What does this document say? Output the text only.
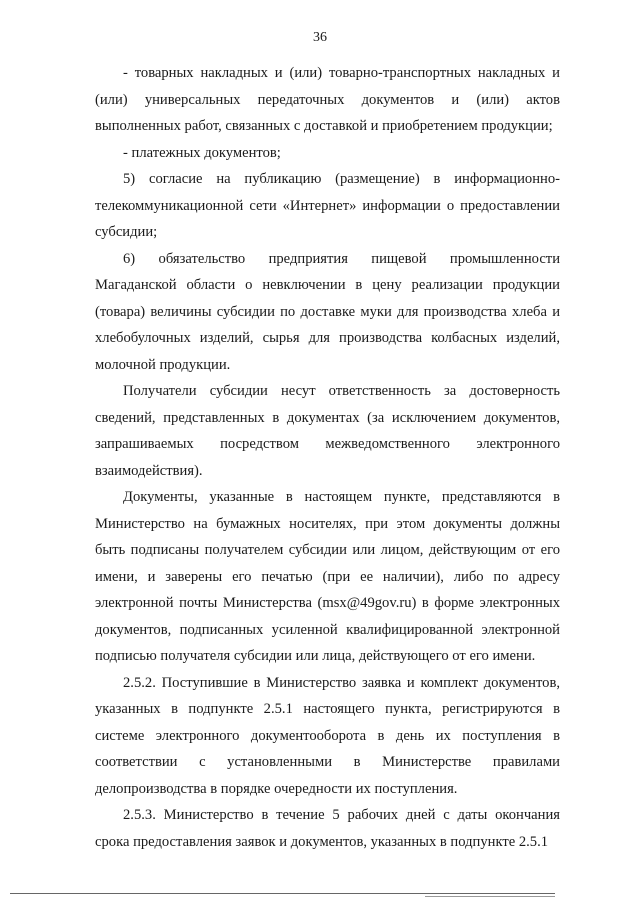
36

- товарных накладных и (или) товарно-транспортных накладных и (или) универсальных передаточных документов и (или) актов выполненных работ, связанных с доставкой и приобретением продукции;

- платежных документов;

5) согласие на публикацию (размещение) в информационно-телекоммуникационной сети «Интернет» информации о предоставлении субсидии;

6) обязательство предприятия пищевой промышленности Магаданской области о невключении в цену реализации продукции (товара) величины субсидии по доставке муки для производства хлеба и хлебобулочных изделий, сырья для производства колбасных изделий, молочной продукции.

Получатели субсидии несут ответственность за достоверность сведений, представленных в документах (за исключением документов, запрашиваемых посредством межведомственного электронного взаимодействия).

Документы, указанные в настоящем пункте, представляются в Министерство на бумажных носителях, при этом документы должны быть подписаны получателем субсидии или лицом, действующим от его имени, и заверены его печатью (при ее наличии), либо по адресу электронной почты Министерства (msx@49gov.ru) в форме электронных документов, подписанных усиленной квалифицированной электронной подписью получателя субсидии или лица, действующего от его имени.

2.5.2. Поступившие в Министерство заявка и комплект документов, указанных в подпункте 2.5.1 настоящего пункта, регистрируются в системе электронного документооборота в день их поступления в соответствии с установленными в Министерстве правилами делопроизводства в порядке очередности их поступления.

2.5.3. Министерство в течение 5 рабочих дней с даты окончания срока предоставления заявок и документов, указанных в подпункте 2.5.1
